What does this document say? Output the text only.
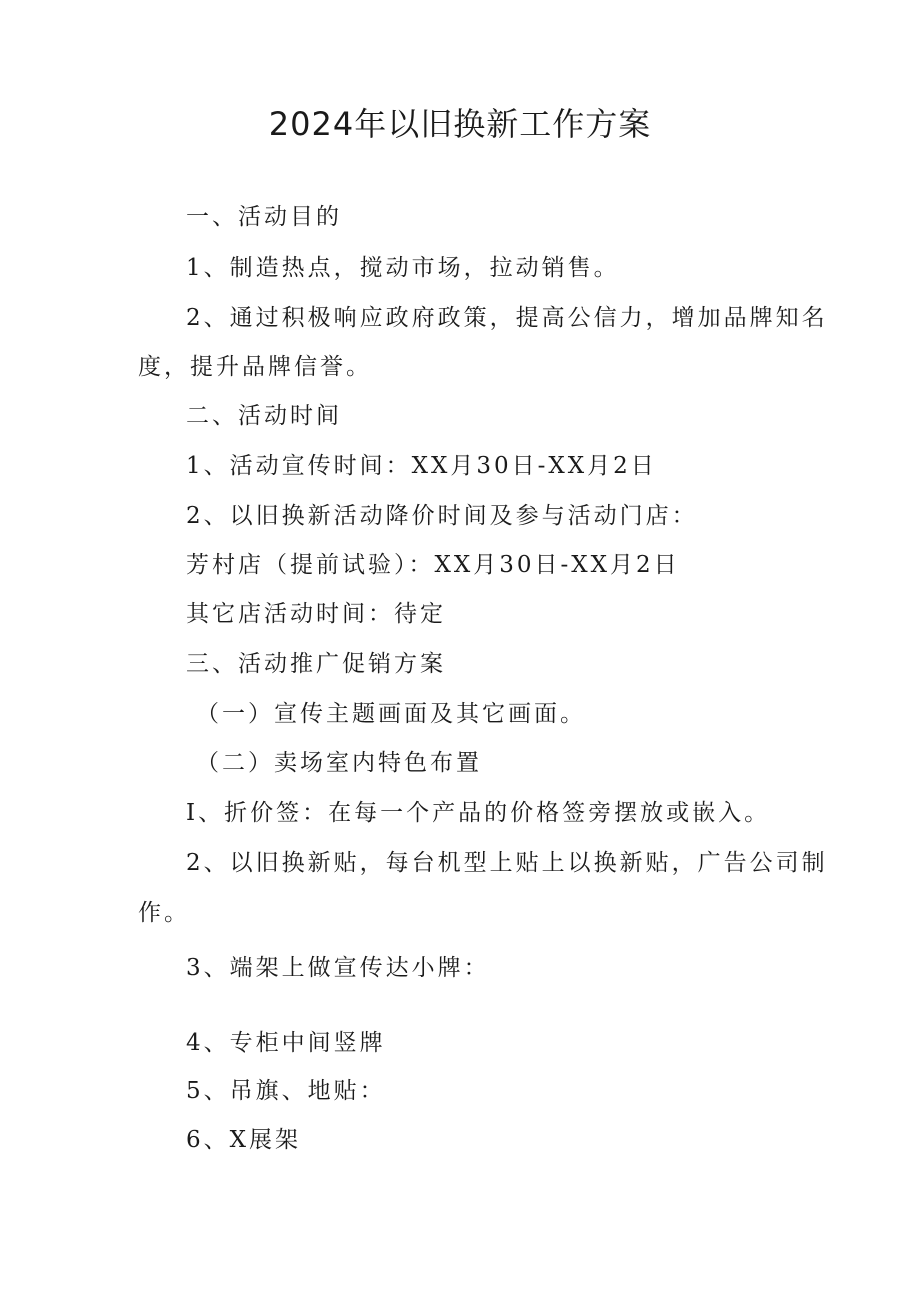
2024年以旧换新工作方案
一、活动目的
1、制造热点，搅动市场，拉动销售。
2、通过积极响应政府政策，提高公信力，增加品牌知名
度，提升品牌信誉。
二、活动时间
1、活动宣传时间：XX月30日-XX月2日
2、以旧换新活动降价时间及参与活动门店：
芳村店（提前试验）：XX月30日-XX月2日
其它店活动时间：待定
三、活动推广促销方案
（一）宣传主题画面及其它画面。
（二）卖场室内特色布置
I、折价签：在每一个产品的价格签旁摆放或嵌入。
2、以旧换新贴，每台机型上贴上以换新贴，广告公司制
作。
3、端架上做宣传达小牌：
4、专柜中间竖牌
5、吊旗、地贴：
6、X展架
